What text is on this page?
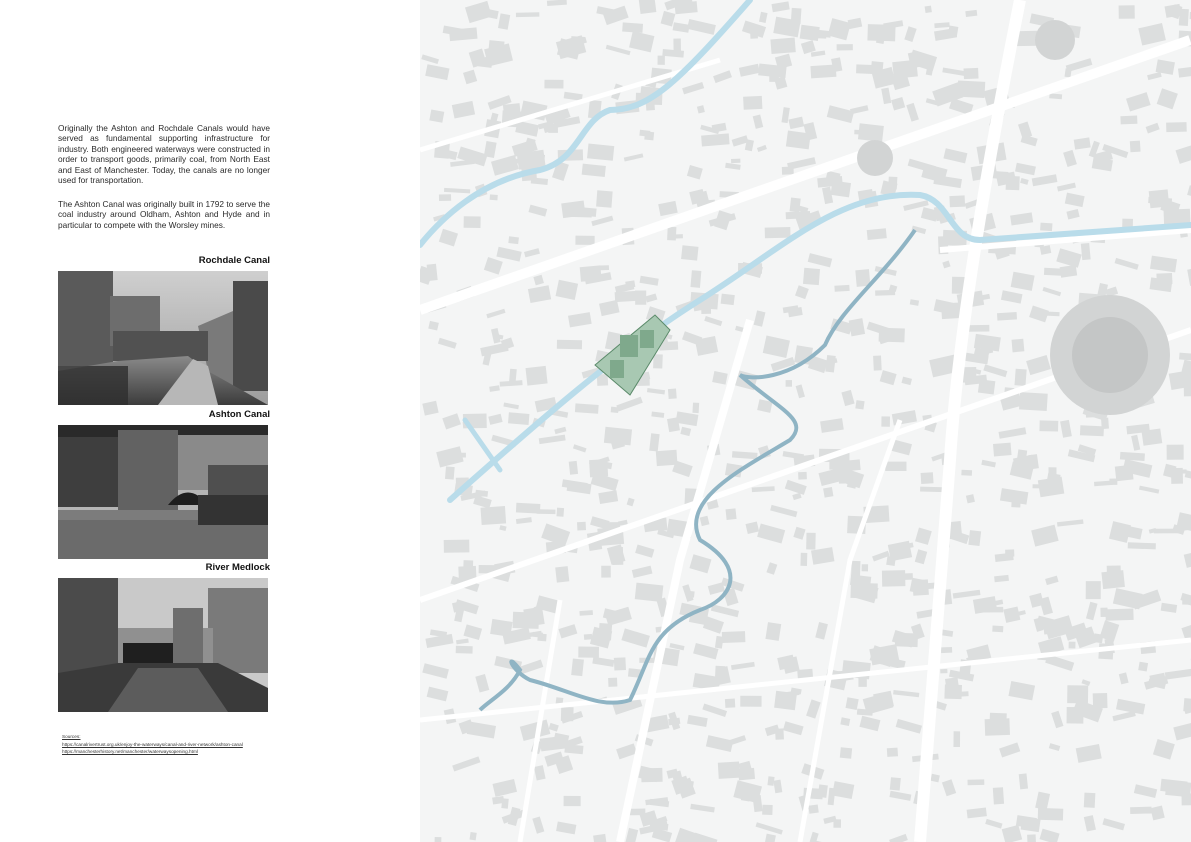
Originally the Ashton and Rochdale Canals would have served as fundamental supporting infrastructure for industry. Both engineered waterways were constructed in order to transport goods, primarily coal, from North East and East of Manchester. Today, the canals are no longer used for transportation.

The Ashton Canal was originally built in 1792 to serve the coal industry around Oldham, Ashton and Hyde and in particular to compete with the Worsley mines.

Rochdale Canal
Ashton Canal
River Medlock
Sources:
https://canalrivertrust.org.uk/enjoy-the-waterways/canal-and-river-network/ashton-canal
https://manchesterhistory.net/manchester/waterwaysopening.html
